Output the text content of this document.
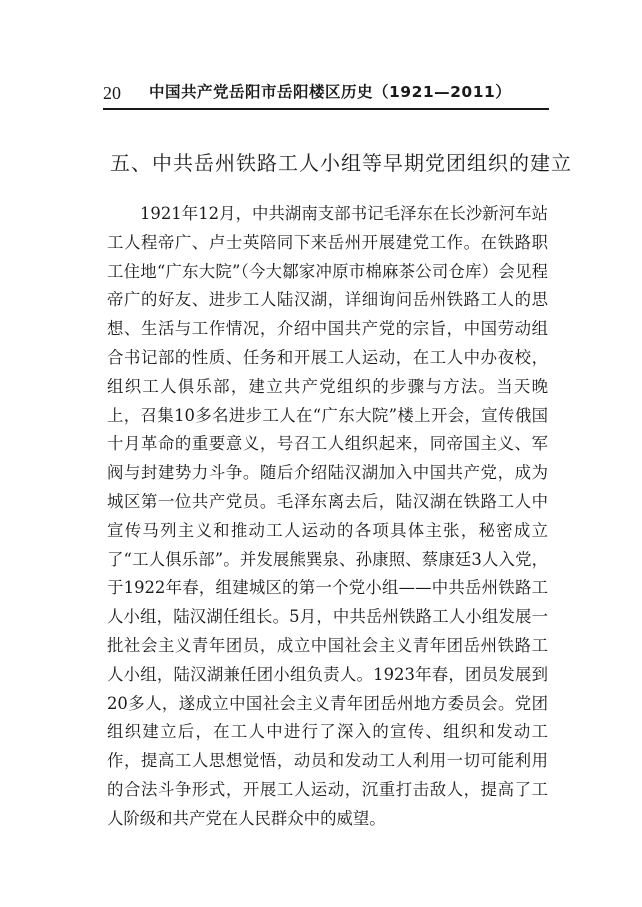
20 中国共产党岳阳市岳阳楼区历史（1921—2011）
五、中共岳州铁路工人小组等早期党团组织的建立

1921年12月，中共湖南支部书记毛泽东在长沙新河车站工人程帝广、卢士英陪同下来岳州开展建党工作。在铁路职工住地“广东大院”（今大鄒家冲原市棉麻茶公司仓库）会见程帝广的好友、进步工人陆汉湖，详细询问岳州铁路工人的思想、生活与工作情况，介绍中国共产党的宗旨，中国劳动组合书记部的性质、任务和开展工人运动，在工人中办夜校，组织工人俱乐部，建立共产党组织的步骤与方法。当天晚上，召集10多名进步工人在“广东大院”楼上开会，宣传俄国十月革命的重要意义，号召工人组织起来，同帝国主义、军阀与封建势力斗争。随后介绍陆汉湖加入中国共产党，成为城区第一位共产党员。毛泽东离去后，陆汉湖在铁路工人中宣传马列主义和推动工人运动的各项具体主张，秘密成立了“工人俱乐部”。并发展熊巽泉、孙康照、蔡康廷3人入党，于1922年春，组建城区的第一个党小组——中共岳州铁路工人小组，陆汉湖任组长。5月，中共岳州铁路工人小组发展一批社会主义青年团员，成立中国社会主义青年团岳州铁路工人小组，陆汉湖兼任团小组负责人。1923年春，团员发展到20多人，遂成立中国社会主义青年团岳州地方委员会。党团组织建立后，在工人中进行了深入的宣传、组织和发动工作，提高工人思想觉悟，动员和发动工人利用一切可能利用的合法斗争形式，开展工人运动，沉重打击敌人，提高了工人阶级和共产党在人民群众中的威望。
